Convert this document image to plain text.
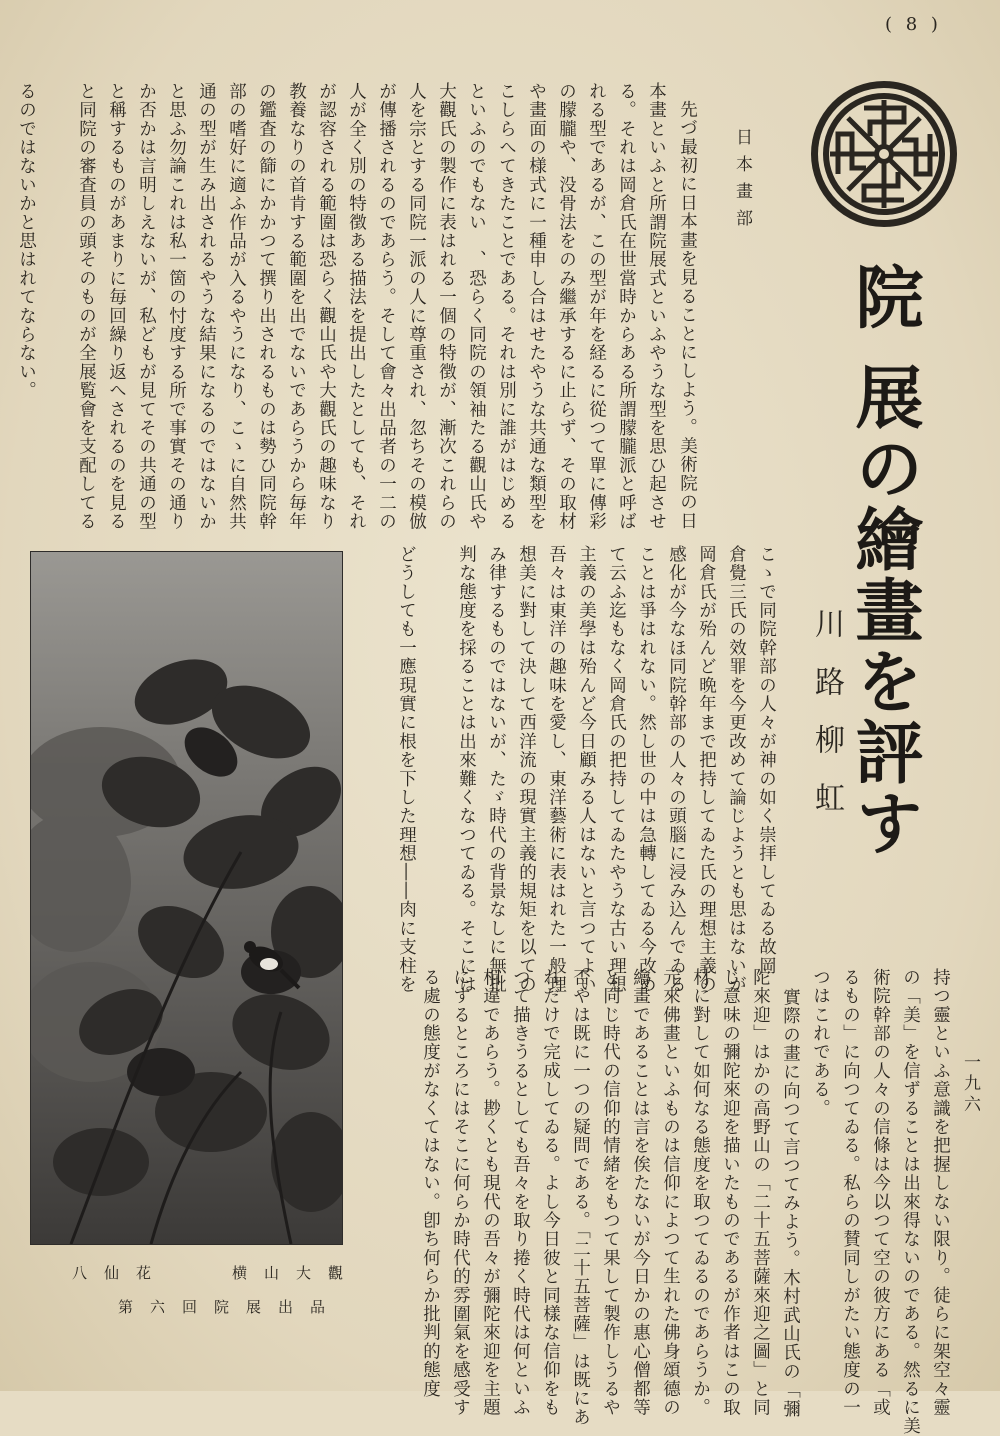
( 8 )
院
展の繪畫を評す
川路柳虹
日本畫部
一九六
先づ最初に日本畫を見ることにしよう。美術院の日
本畫といふと所謂院展式といふやうな型を思ひ起させ
る。それは岡倉氏在世當時からある所謂朦朧派と呼ば
れる型であるが、この型が年を経るに從つて單に傳彩
の朦朧や、没骨法をのみ繼承するに止らず、その取材
や畫面の様式に一種申し合はせたやうな共通な類型を
こしらへてきたことである。それは別に誰がはじめる
といふのでもない　、恐らく同院の領袖たる觀山氏や
大觀氏の製作に表はれる一個の特徴が、漸次これらの
人を宗とする同院一派の人に尊重され、忽ちその模倣
が傳播されるのであらう。そして會々出品者の一二の
人が全く別の特徴ある描法を提出したとしても、それ
が認容される範圍は恐らく觀山氏や大觀氏の趣味なり
教養なりの首肯する範圍を出でないであらうから毎年
の鑑査の篩にかかつて撰り出されるものは勢ひ同院幹
部の嗜好に適ふ作品が入るやうになり、こゝに自然共
通の型が生み出されるやうな結果になるのではないか
と思ふ勿論これは私一箇の忖度する所で事實その通り
か否かは言明しえないが、私どもが見てその共通の型
と稱するものがあまりに毎回繰り返へされるのを見る
と同院の審査員の頭そのものが全展覧會を支配してる
るのではないかと思はれてならない。
こゝで同院幹部の人々が神の如く崇拝してゐる故岡
倉覺三氏の效罪を今更改めて論じようとも思はないが
岡倉氏が殆んど晩年まで把持してゐた氏の理想主義の
感化が今なほ同院幹部の人々の頭腦に浸み込んでゐる
ことは爭はれない。然し世の中は急轉してゐる今改め
て云ふ迄もなく岡倉氏の把持してゐたやうな古い理想
主義の美學は殆んど今日顧みる人はないと言つてよい
吾々は東洋の趣味を愛し、東洋藝術に表はれた一般理
想美に對して決して西洋流の現實主義的規矩を以ての
み律するものではないが、たゞ時代の背景なしに無批
判な態度を採ることは出來難くなつてゐる。そこには
どうしても一應現實に根を下した理想――肉に支柱を
持つ靈といふ意識を把握しない限り。徒らに架空々靈
の「美」を信ずることは出來得ないのである。然るに美
術院幹部の人々の信條は今以つて空の彼方にある「或
るもの」に向つてゐる。私らの賛同しがたい態度の一
つはこれである。
實際の畫に向つて言つてみよう。木村武山氏の「彌
陀來迎」はかの高野山の「二十五菩薩來迎之圖」と同
じ意味の彌陀來迎を描いたものであるが作者はこの取
材に對して如何なる態度を取つてゐるのであらうか。
元來佛畫といふものは信仰によつて生れた佛身頌德の
繪畫であることは言を俟たないが今日かの惠心僧都等
と同じ時代の信仰的情緒をもつて果して製作しうるや
否やは既に一つの疑問である。「二十五菩薩」は既にあ
れだけで完成してゐる。よし今日彼と同樣な信仰をも
つて描きうるとしても吾々を取り捲く時代は何といふ
相違であらう。尠くとも現代の吾々が彌陀來迎を主題
にするところにはそこに何らか時代的雰圍氣を感受す
る處の態度がなくてはない。卽ち何らか批判的態度
八　仙　花　　　　　横　山　大　觀
第　六　回　院　展　出　品
